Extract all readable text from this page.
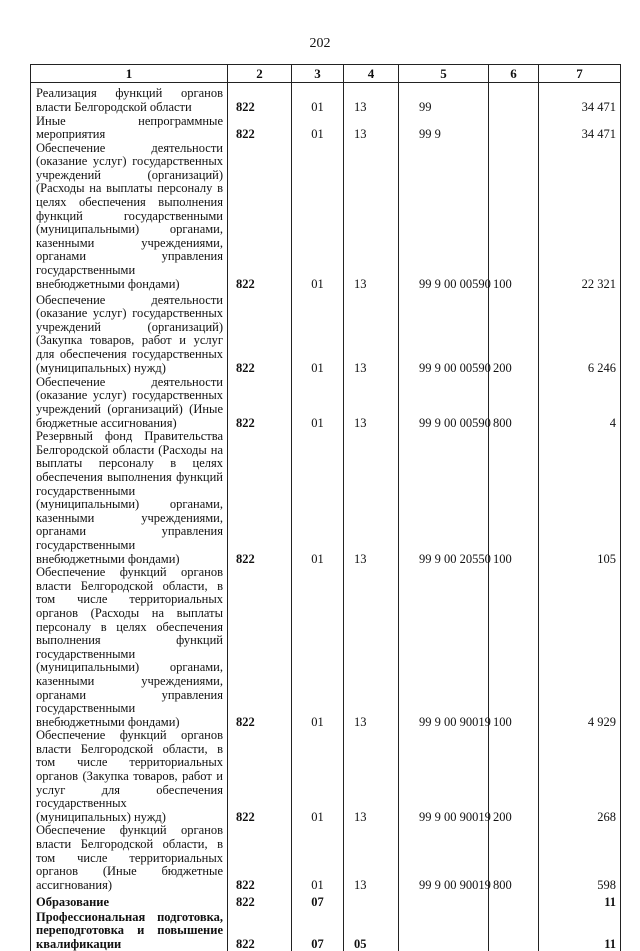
202
1	2	3	4	5	6	7
Реализация функций органов власти Белгородской области	822	01	13	99		34 471
Иные непрограммные мероприятия	822	01	13	99 9		34 471
Обеспечение деятельности (оказание услуг) государственных учреждений (организаций) (Расходы на выплаты персоналу в целях обеспечения выполнения функций государственными (муниципальными) органами, казенными учреждениями, органами управления государственными внебюджетными фондами)	822	01	13	99 9 00 00590	100	22 321
Обеспечение деятельности (оказание услуг) государственных учреждений (организаций) (Закупка товаров, работ и услуг для обеспечения государственных (муниципальных) нужд)	822	01	13	99 9 00 00590	200	6 246
Обеспечение деятельности (оказание услуг) государственных учреждений (организаций) (Иные бюджетные ассигнования)	822	01	13	99 9 00 00590	800	4
Резервный фонд Правительства Белгородской области (Расходы на выплаты персоналу в целях обеспечения выполнения функций государственными (муниципальными) органами, казенными учреждениями, органами управления государственными внебюджетными фондами)	822	01	13	99 9 00 20550	100	105
Обеспечение функций органов власти Белгородской области, в том числе территориальных органов (Расходы на выплаты персоналу в целях обеспечения выполнения функций государственными (муниципальными) органами, казенными учреждениями, органами управления государственными внебюджетными фондами)	822	01	13	99 9 00 90019	100	4 929
Обеспечение функций органов власти Белгородской области, в том числе территориальных органов (Закупка товаров, работ и услуг для обеспечения государственных (муниципальных) нужд)	822	01	13	99 9 00 90019	200	268
Обеспечение функций органов власти Белгородской области, в том числе территориальных органов (Иные бюджетные ассигнования)	822	01	13	99 9 00 90019	800	598
Образование	822	07				11
Профессиональная подготовка, переподготовка и повышение квалификации	822	07	05			11
